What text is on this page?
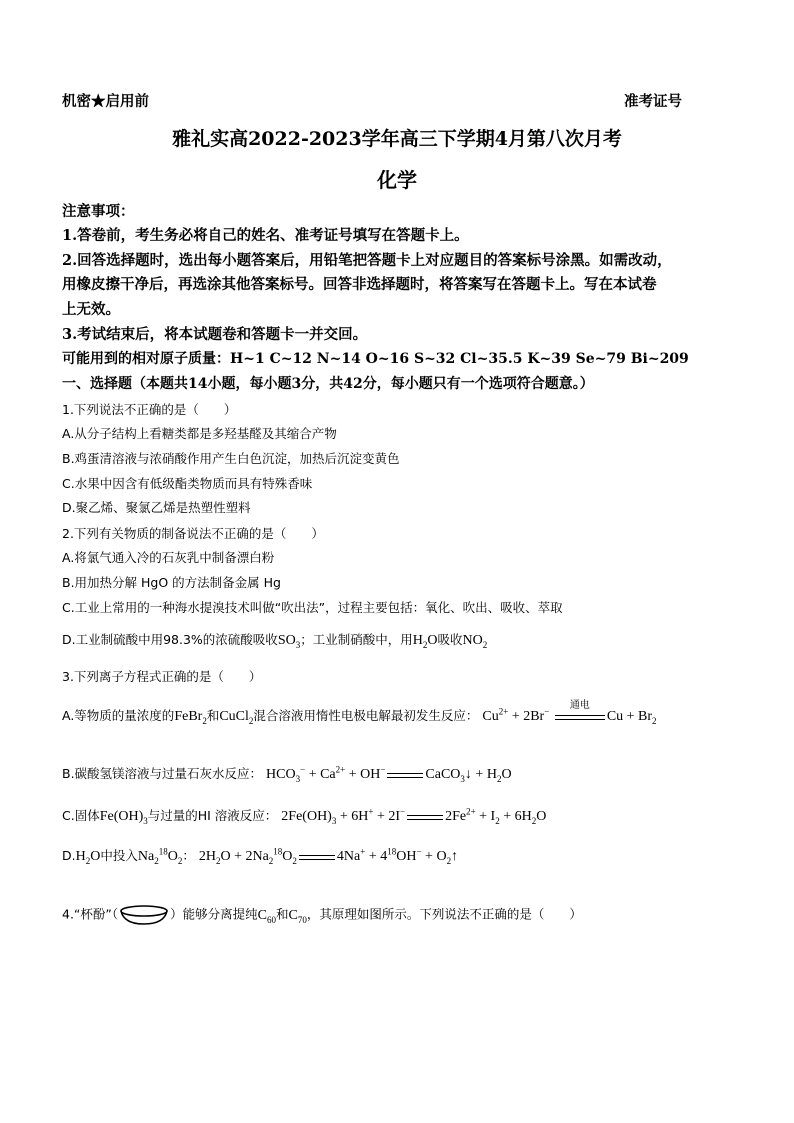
机密★启用前	准考证号
雅礼实高2022-2023学年高三下学期4月第八次月考
化学
注意事项：
1.答卷前，考生务必将自己的姓名、准考证号填写在答题卡上。
2.回答选择题时，选出每小题答案后，用铅笔把答题卡上对应题目的答案标号涂黑。如需改动，
用橡皮擦干净后，再选涂其他答案标号。回答非选择题时，将答案写在答题卡上。写在本试卷
上无效。
3.考试结束后，将本试题卷和答题卡一并交回。
可能用到的相对原子质量：H~1 C~12 N~14 O~16 S~32 Cl~35.5 K~39 Se~79 Bi~209
一、选择题（本题共14小题，每小题3分，共42分，每小题只有一个选项符合题意。）
1.下列说法不正确的是（　　）
A.从分子结构上看糖类都是多羟基醛及其缩合产物
B.鸡蛋清溶液与浓硝酸作用产生白色沉淀，加热后沉淀变黄色
C.水果中因含有低级酯类物质而具有特殊香味
D.聚乙烯、聚氯乙烯是热塑性塑料
2.下列有关物质的制备说法不正确的是（　　）
A.将氯气通入冷的石灰乳中制备漂白粉
B.用加热分解 HgO 的方法制备金属 Hg
C.工业上常用的一种海水提溴技术叫做“吹出法”，过程主要包括：氧化、吹出、吸收、萃取
D.工业制硫酸中用98.3%的浓硫酸吸收$SO_3$；工业制硝酸中，用$H_2O$吸收$NO_2$
3.下列离子方程式正确的是（　　）
A.等物质的量浓度的FeBr$_2$和CuCl$_2$混合溶液用惰性电极电解最初发生反应： $Cu^{2+} + 2Br^-$
通电
$Cu + Br_2$
B.碳酸氢镁溶液与过量石灰水反应： $HCO_3^- + Ca^{2+} + OH^-$	CaCO$_3$↓ + $H_2O$
C.固体$Fe(OH)_3$与过量的HI 溶液反应： $2Fe(OH)_3 + 6H^+ + 2I^-$	$2Fe^{2+} + I_2 + 6H_2O$
$D.H_2O$中投入$Na_2^{18}O_2$： $2H_2O + 2Na_2^{18}O_2$	$4Na^+ + 4^{18}OH^-$ + $O_2↑$
4.“杯酚”（	）能够分离提纯$C_{60}$和$C_{70}$，其原理如图所示。下列说法不正确的是（　　）
